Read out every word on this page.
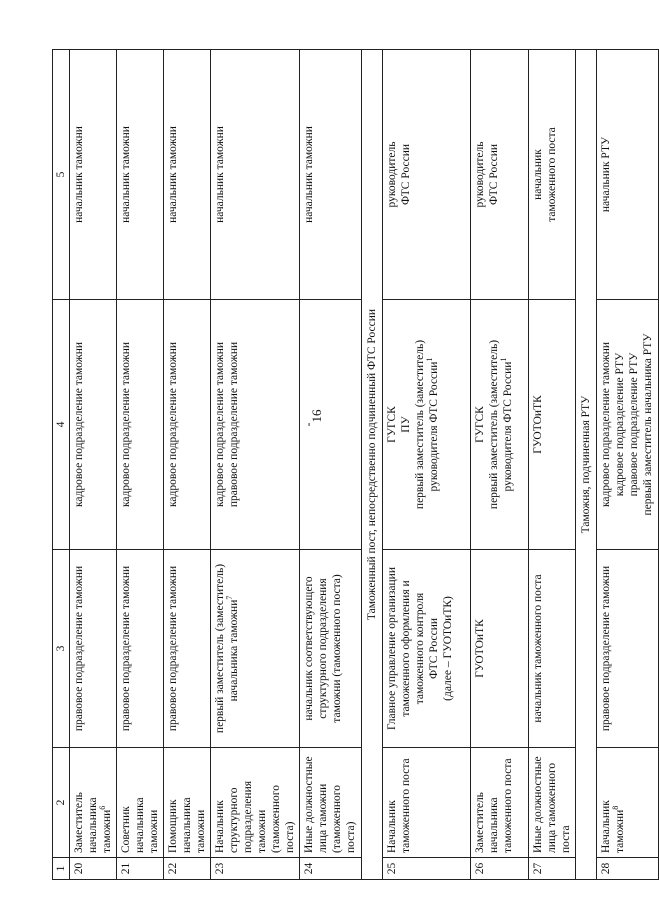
16
1	2	3	4	5
20	Заместитель начальника таможни$^6$	правовое подразделение таможни	кадровое подразделение таможни	начальник таможни
21	Советник начальника таможни	правовое подразделение таможни	кадровое подразделение таможни	начальник таможни
22	Помощник начальника таможни	правовое подразделение таможни	кадровое подразделение таможни	начальник таможни
23	Начальник структурного подразделения таможни (таможенного поста)	первый заместитель (заместитель)
начальника таможни$^7$	кадровое подразделение таможни
правовое подразделение таможни	начальник таможни
24	Иные должностные лица таможни (таможенного поста)	начальник соответствующего
структурного подразделения
таможни (таможенного поста)	-	начальник таможни
Таможенный пост, непосредственно подчиненный ФТС России				
25	Начальник таможенного поста	Главное управление организации
таможенного оформления и
таможенного контроля
ФТС России
(далее – ГУОТОиТК)	ГУГСК
ПУ
первый заместитель (заместитель)
руководителя ФТС России$^1$	руководитель
ФТС России
26	Заместитель начальника таможенного поста	ГУОТОиТК	ГУГСК
первый заместитель (заместитель)
руководителя ФТС России$^1$	руководитель
ФТС России
27	Иные должностные лица таможенного поста	начальник таможенного поста	ГУОТОиТК	начальник
таможенного поста
Таможня, подчиненная РТУ				
28	Начальник таможни$^8$	правовое подразделение таможни	кадровое подразделение таможни
кадровое подразделение РТУ
правовое подразделение РТУ
первый заместитель начальника РТУ	начальник РТУ
